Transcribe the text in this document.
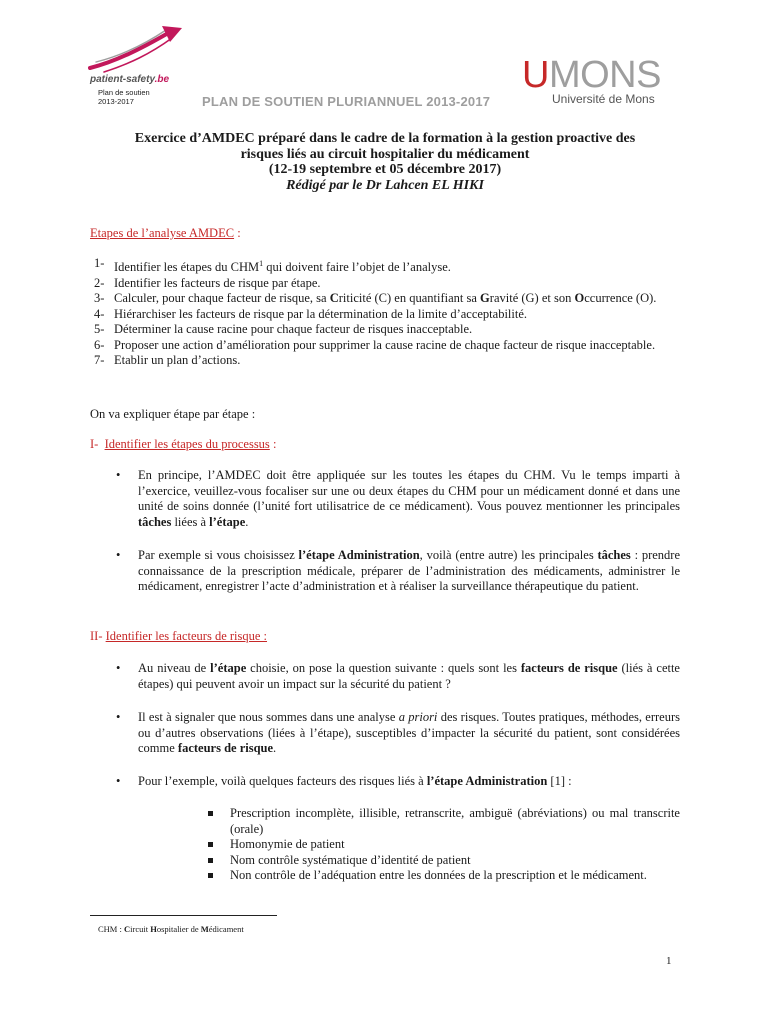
patient-safety.be
Plan de soutien
2013-2017	PLAN DE SOUTIEN PLURIANNUEL 2013-2017
UMONS
Université de Mons
Exercice d’AMDEC préparé dans le cadre de la formation à la gestion proactive des
risques liés au circuit hospitalier du médicament
(12-19 septembre et 05 décembre 2017)
Rédigé par le Dr Lahcen EL HIKI
Etapes de l’analyse AMDEC :
1- Identifier les étapes du CHM$^1$ qui doivent faire l’objet de l’analyse.
2- Identifier les facteurs de risque par étape.
3- Calculer, pour chaque facteur de risque, sa Criticité (C) en quantifiant sa Gravité (G) et son Occurrence (O).
4- Hiérarchiser les facteurs de risque par la détermination de la limite d’acceptabilité.
5- Déterminer la cause racine pour chaque facteur de risques inacceptable.
6- Proposer une action d’amélioration pour supprimer la cause racine de chaque facteur de risque inacceptable.
7- Etablir un plan d’actions.
On va expliquer étape par étape :
I- Identifier les étapes du processus :
• En principe, l’AMDEC doit être appliquée sur les toutes les étapes du CHM. Vu le temps imparti à l’exercice, veuillez-vous focaliser sur une ou deux étapes du CHM pour un médicament donné et dans une unité de soins donnée (l’unité fort utilisatrice de ce médicament). Vous pouvez mentionner les principales tâches liées à l’étape.
• Par exemple si vous choisissez l’étape Administration, voilà (entre autre) les principales tâches : prendre connaissance de la prescription médicale, préparer de l’administration des médicaments, administrer le médicament, enregistrer l’acte d’administration et à réaliser la surveillance thérapeutique du patient.
II- Identifier les facteurs de risque :
• Au niveau de l’étape choisie, on pose la question suivante : quels sont les facteurs de risque (liés à cette étapes) qui peuvent avoir un impact sur la sécurité du patient ?
• Il est à signaler que nous sommes dans une analyse a priori des risques. Toutes pratiques, méthodes, erreurs ou d’autres observations (liées à l’étape), susceptibles d’impacter la sécurité du patient, sont considérées comme facteurs de risque.
• Pour l’exemple, voilà quelques facteurs des risques liés à l’étape Administration [1] :
Prescription incomplète, illisible, retranscrite, ambiguë (abréviations) ou mal transcrite (orale)
Homonymie de patient
Nom contrôle systématique d’identité de patient
Non contrôle de l’adéquation entre les données de la prescription et le médicament.
CHM : Circuit Hospitalier de Médicament
1
